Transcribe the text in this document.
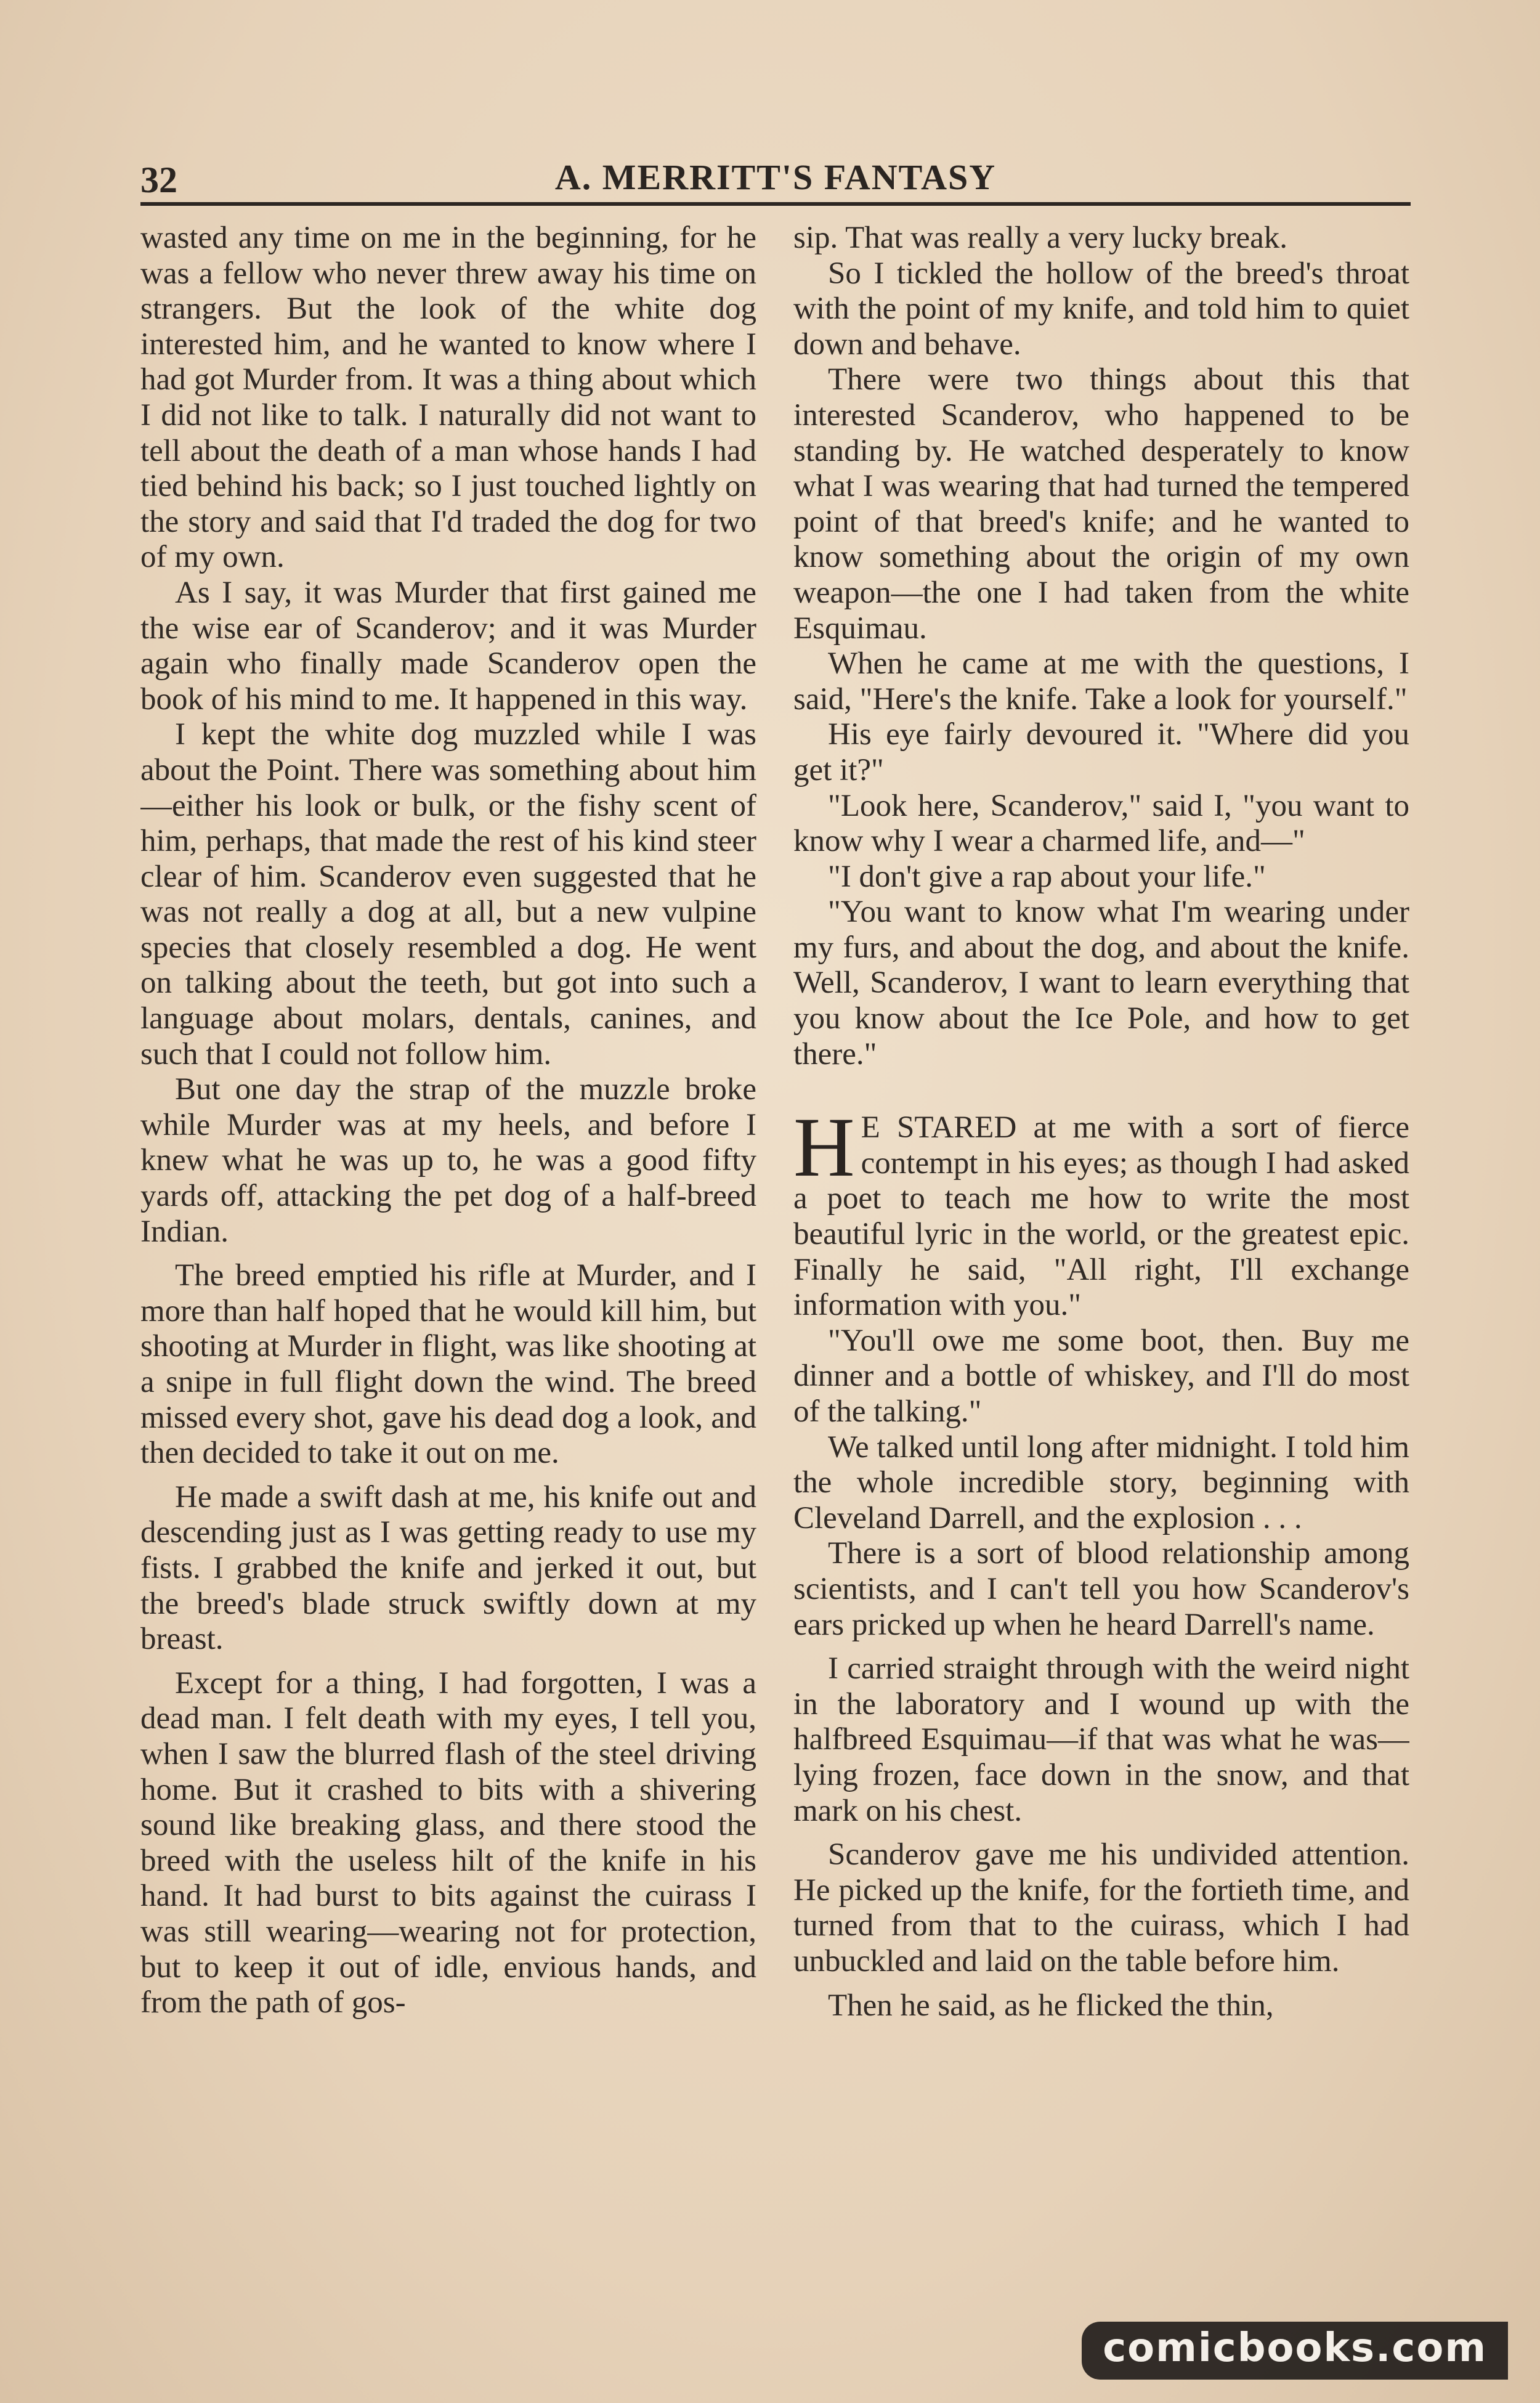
32	A. MERRITT'S FANTASY

wasted any time on me in the beginning, for he was a fellow who never threw away his time on strangers. But the look of the white dog interested him, and he wanted to know where I had got Murder from. It was a thing about which I did not like to talk. I naturally did not want to tell about the death of a man whose hands I had tied behind his back; so I just touched lightly on the story and said that I'd traded the dog for two of my own.

As I say, it was Murder that first gained me the wise ear of Scanderov; and it was Murder again who finally made Scanderov open the book of his mind to me. It happened in this way.

I kept the white dog muzzled while I was about the Point. There was something about him—either his look or bulk, or the fishy scent of him, perhaps, that made the rest of his kind steer clear of him. Scanderov even suggested that he was not really a dog at all, but a new vulpine species that closely resembled a dog. He went on talking about the teeth, but got into such a language about molars, dentals, canines, and such that I could not follow him.

But one day the strap of the muzzle broke while Murder was at my heels, and before I knew what he was up to, he was a good fifty yards off, attacking the pet dog of a half-breed Indian.

The breed emptied his rifle at Murder, and I more than half hoped that he would kill him, but shooting at Murder in flight, was like shooting at a snipe in full flight down the wind. The breed missed every shot, gave his dead dog a look, and then decided to take it out on me.

He made a swift dash at me, his knife out and descending just as I was getting ready to use my fists. I grabbed the knife and jerked it out, but the breed's blade struck swiftly down at my breast.

Except for a thing, I had forgotten, I was a dead man. I felt death with my eyes, I tell you, when I saw the blurred flash of the steel driving home. But it crashed to bits with a shivering sound like breaking glass, and there stood the breed with the useless hilt of the knife in his hand. It had burst to bits against the cuirass I was still wearing—wearing not for protection, but to keep it out of idle, envious hands, and from the path of gos-

sip. That was really a very lucky break.

So I tickled the hollow of the breed's throat with the point of my knife, and told him to quiet down and behave.

There were two things about this that interested Scanderov, who happened to be standing by. He watched desperately to know what I was wearing that had turned the tempered point of that breed's knife; and he wanted to know something about the origin of my own weapon—the one I had taken from the white Esquimau.

When he came at me with the questions, I said, "Here's the knife. Take a look for yourself."

His eye fairly devoured it. "Where did you get it?"

"Look here, Scanderov," said I, "you want to know why I wear a charmed life, and—"

"I don't give a rap about your life."

"You want to know what I'm wearing under my furs, and about the dog, and about the knife. Well, Scanderov, I want to learn everything that you know about the Ice Pole, and how to get there."

H E STARED at me with a sort of fierce contempt in his eyes; as though I had asked a poet to teach me how to write the most beautiful lyric in the world, or the greatest epic. Finally he said, "All right, I'll exchange information with you."

"You'll owe me some boot, then. Buy me dinner and a bottle of whiskey, and I'll do most of the talking."

We talked until long after midnight. I told him the whole incredible story, beginning with Cleveland Darrell, and the explosion . . .

There is a sort of blood relationship among scientists, and I can't tell you how Scanderov's ears pricked up when he heard Darrell's name.

I carried straight through with the weird night in the laboratory and I wound up with the halfbreed Esquimau—if that was what he was—lying frozen, face down in the snow, and that mark on his chest.

Scanderov gave me his undivided attention. He picked up the knife, for the fortieth time, and turned from that to the cuirass, which I had unbuckled and laid on the table before him.

Then he said, as he flicked the thin,

comicbooks.com
